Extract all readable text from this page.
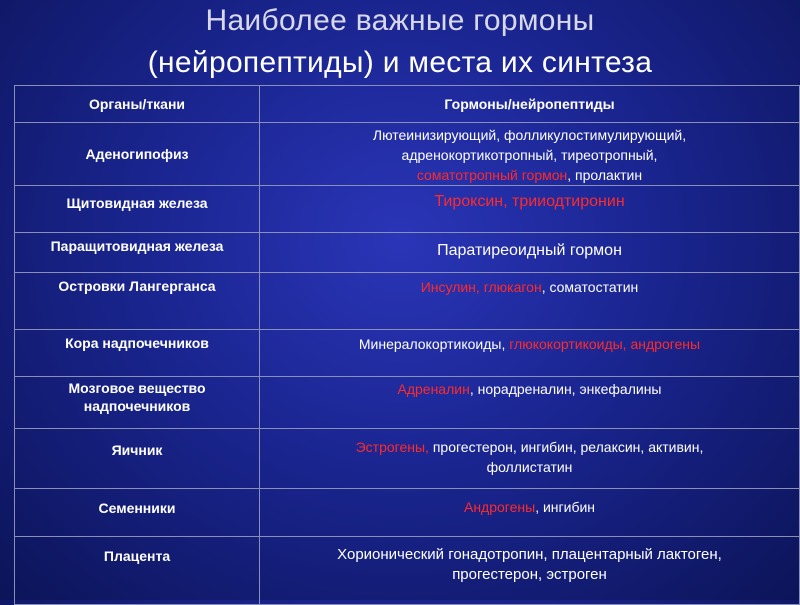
Наиболее важные гормоны
(нейропептиды) и места их синтеза
Органы/ткани	Гормоны/нейропептиды
Аденогипофиз	Лютеинизирующий, фолликулостимулирующий,
адренокортикотропный, тиреотропный,
соматотропный гормон, пролактин

Щитовидная железа	Тироксин, трииодтиронин
Паращитовидная железа	Паратиреоидный гормон
Островки Лангерганса	Инсулин, глюкагон, соматостатин
Кора надпочечников	Минералокортикоиды, глюкокортикоиды, андрогены
Мозговое вещество надпочечников	Адреналин, норадреналин, энкефалины
Яичник	Эстрогены, прогестерон, ингибин, релаксин, активин,
фоллистатин

Семенники	Андрогены, ингибин
Плацента	Хорионический гонадотропин, плацентарный лактоген,
прогестерон, эстроген
